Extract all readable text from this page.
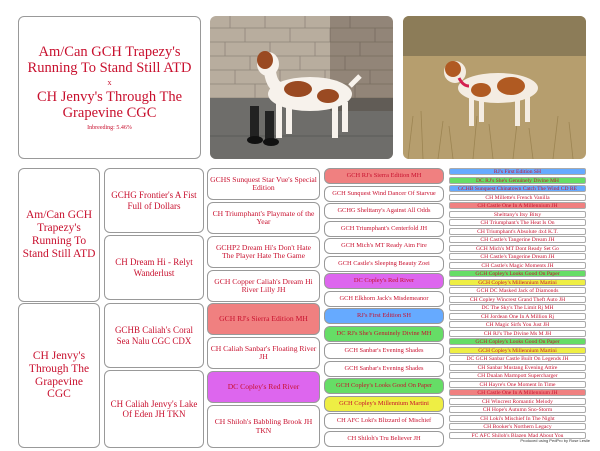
Am/Can GCH Trapezy's Running To Stand Still ATD
x
CH Jenvy's Through The Grapevine CGC
Inbreeding: 5.46%
Am/Can GCH Trapezy's Running To Stand Still ATD
CH Jenvy's Through The Grapevine CGC
GCHG Frontier's A Fist Full of Dollars
CH Dream Hi - Relyt Wanderlust
GCHB Caliah's Coral Sea Nalu CGC CDX
CH Caliah Jenvy's Lake Of Eden JH TKN
GCHS Sunquest Star Vue's Special Edition
CH Triumphant's Playmate of the Year
GCHP2 Dream Hi's Don't Hate The Player Hate The Game
GCH Copper Caliah's Dream Hi River Lilly JH
GCH RJ's Sierra Edition MH
CH Caliah Sanbar's Floating River JH
DC Copley's Red River
CH Shiloh's Babbling Brook JH TKN
GCH RJ's Sierra Edition MH
GCH Sunquest Wind Dancer Of Starvue
GCHG Shelttany's Against All Odds
GCH Triumphant's Centerfold JH
GCH Mich's MT Ready Aim Fire
GCH Castle's Sleeping Beauty Zoei
DC Copley's Red River
GCH Elkhorn Jack's Misdemeanor
RJ's First Edition SH
DC RJ's She's Genuinely Divine MH
GCH Sanbar's Evening Shades
GCH Sanbar's Evening Shades
GCH Copley's Looks Good On Paper
GCH Copley's Millennium Martini
CH AFC Loki's Blizzard of Mischief
CH Shiloh's Tru Believer JH
RJ's First Edition SH
DC RJ's She's Genuinely Divine MH
GCHB Sunquest Chinatown Catch The Wind CD RE
CH Millette's French Vanilla
CH Castle One In A Millennium JH
Shelttany's Itsy Bitsy
CH Triumphant's The Heat Is On
CH Triumphant's Absolute 4x4 K.T.
CH Castle's Tangerine Dream JH
GCH Mich's MT Dont Ready Set Go
CH Castle's Tangerine Dream JH
CH Castle's Magic Moments JH
GCH Copley's Looks Good On Paper
GCH Copley's Millennium Martini
GCH DC Masked Jack of Diamonds
CH Copley Wincrest Grand Theft Auto JH
DC The Sky's The Limit Rj MH
CH Jordean One In A Million Rj
CH Magic Sirfs You Just JH
CH RJ's The Divine Ms M JH
GCH Copley's Looks Good On Paper
GCH Copley's Millennium Martini
DC GCH Sanbar Castle Built On Legends JH
CH Sanbar Mustang Evening Attire
CH Dualan Marmpott Supercharger
CH Hayre's One Moment In Time
CH Castle One In A Millennium JH
CH Wincrest Romantic Melody
CH Hope's Autumn Sno-Storm
CH Loki's Mischief In The Night
CH Booker's Northern Legacy
FC AFC Shiloh's Blazen Mad About You
Produced using PedPro by Rose Leslie
